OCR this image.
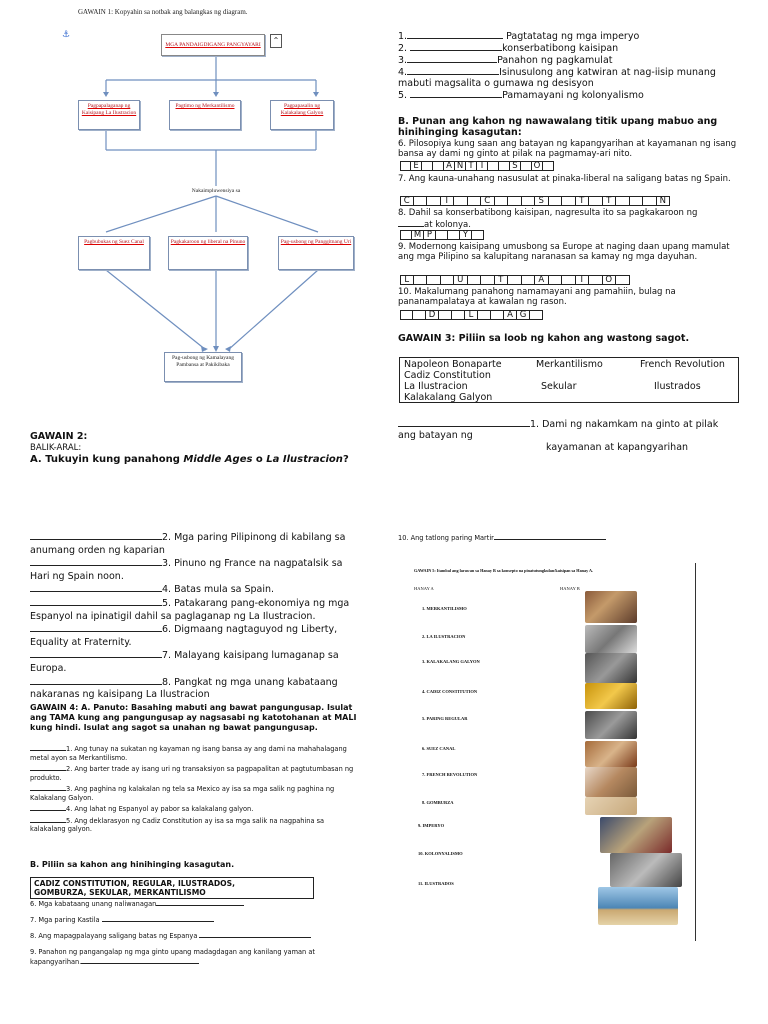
GAWAIN 1: Kopyahin sa notbak ang balangkas ng diagram.
⚓
MGA PANDAIGDIGANG PANGYAYARI	⌃
Pagpapalaganap ng Kaisipang La Ilustracion
Pagtimo ng Merkantilismo	Pagpapasalin ng Kalakalang Galyon
Nakaimpluwensiya sa
Pagbubukas ng Suez Canal	Pagkakaroon ng liberal na Pinuno	Pag-usbong ng Panggitnang Uri
Pag-usbong ng Kamalayang Pambansa at Pakikibaka
1.	Pagtatatag ng mga imperyo
2.	konserbatibong kaisipan
3.	Panahon ng pagkamulat
4.	Isinusulong ang katwiran at nag-iisip munang mabuti magsalita o gumawa ng desisyon
5.	Pamamayani ng kolonyalismo
B. Punan ang kahon ng nawawalang titik upang mabuo ang hinihinging kasagutan:
6. Pilosopiya kung saan ang batayan ng kapangyarihan at kayamanan ng isang bansa ay dami ng ginto at pilak na pagmamay-ari nito.
E	A N T I	S	O
7. Ang kauna-unahang nasusulat at pinaka-liberal na saligang batas ng Spain.
C	I	C	S	T	T	N
8. Dahil sa konserbatibong kaisipan, nagresulta ito sa pagkakaroon ng
at kolonya.
M P	Y
9. Modernong kaisipang umusbong sa Europe at naging daan upang mamulat ang mga Pilipino sa kalupitang naranasan sa kamay ng mga dayuhan.
L	U	T	A	I	O
10. Makalumang panahong namamayani ang pamahiin, bulag na pananampalataya at kawalan ng rason.
D	L	A G
GAWAIN 3: Piliin sa loob ng kahon ang wastong sagot.
Napoleon Bonaparte	Merkantilismo	French Revolution
Cadiz Constitution
La Ilustracion	Sekular	Ilustrados
Kalakalang Galyon
1. Dami ng nakamkam na ginto at pilak
ang batayan ng
kayamanan at kapangyarihan
GAWAIN 2:
BALIK-ARAL:
A. Tukuyin kung panahong Middle Ages o La Ilustracion?
2. Mga paring Pilipinong di kabilang sa anumang orden ng kaparian
3. Pinuno ng France na nagpatalsik sa Hari ng Spain noon.
4. Batas mula sa Spain.
5. Patakarang pang-ekonomiya ng mga Espanyol na ipinatigil dahil sa paglaganap ng La Ilustracion.
6. Digmaang nagtaguyod ng Liberty, Equality at Fraternity.
7. Malayang kaisipang lumaganap sa Europa.
8. Pangkat ng mga unang kabataang nakaranas ng kaisipang La Ilustracion
GAWAIN 4: A. Panuto: Basahing mabuti ang bawat pangungusap. Isulat ang TAMA kung ang pangungusap ay nagsasabi ng katotohanan at MALI kung hindi. Isulat ang sagot sa unahan ng bawat pangungusap.
1. Ang tunay na sukatan ng kayaman ng isang bansa ay ang dami na mahahalagang metal ayon sa Merkantilismo.
2. Ang barter trade ay isang uri ng transaksiyon sa pagpapalitan at pagtutumbasan ng produkto.
3. Ang paghina ng kalakalan ng tela sa Mexico ay isa sa mga salik ng paghina ng Kalakalang Galyon.
4. Ang lahat ng Espanyol ay pabor sa kalakalang galyon.
5. Ang deklarasyon ng Cadiz Constitution ay isa sa mga salik na nagpahina sa kalakalang galyon.
B. Piliin sa kahon ang hinihinging kasagutan.
CADIZ CONSTITUTION, REGULAR, ILUSTRADOS,
GOMBURZA, SEKULAR, MERKANTILISMO
6. Mga kabataang unang naliwanagan
7. Mga paring Kastila
8. Ang mapagpalayang saligang batas ng Espanya
9. Panahon ng pangangalap ng mga ginto upang madagdagan ang kanilang yaman at kapangyarihan.
10. Ang tatlong paring Martir
GAWAIN 5: Itambal ang larawan sa Hanay B sa konsepto na pinatutungkulan/kaisipan sa Hanay A.
HANAY A	HANAY B
1. MERKANTILISMO
2. LA ILUSTRACION
3. KALAKALANG GALYON
4. CADIZ CONSTITUTION
5. PARING REGULAR
6. SUEZ CANAL
7. FRENCH REVOLUTION
8. GOMBURZA
9. IMPERYO
10. KOLONYALISMO
11. ILUSTRADOS
